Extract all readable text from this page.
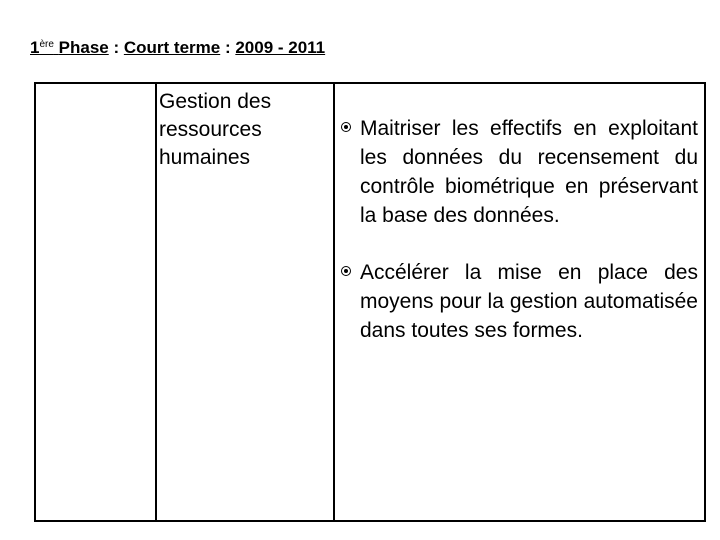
1ère Phase : Court terme : 2009 - 2011
Gestion des ressources humaines
Maitriser les effectifs en exploitant les données du recensement du contrôle biométrique en préservant la base des données.
Accélérer la mise en place des moyens pour la gestion automatisée dans toutes ses formes.
